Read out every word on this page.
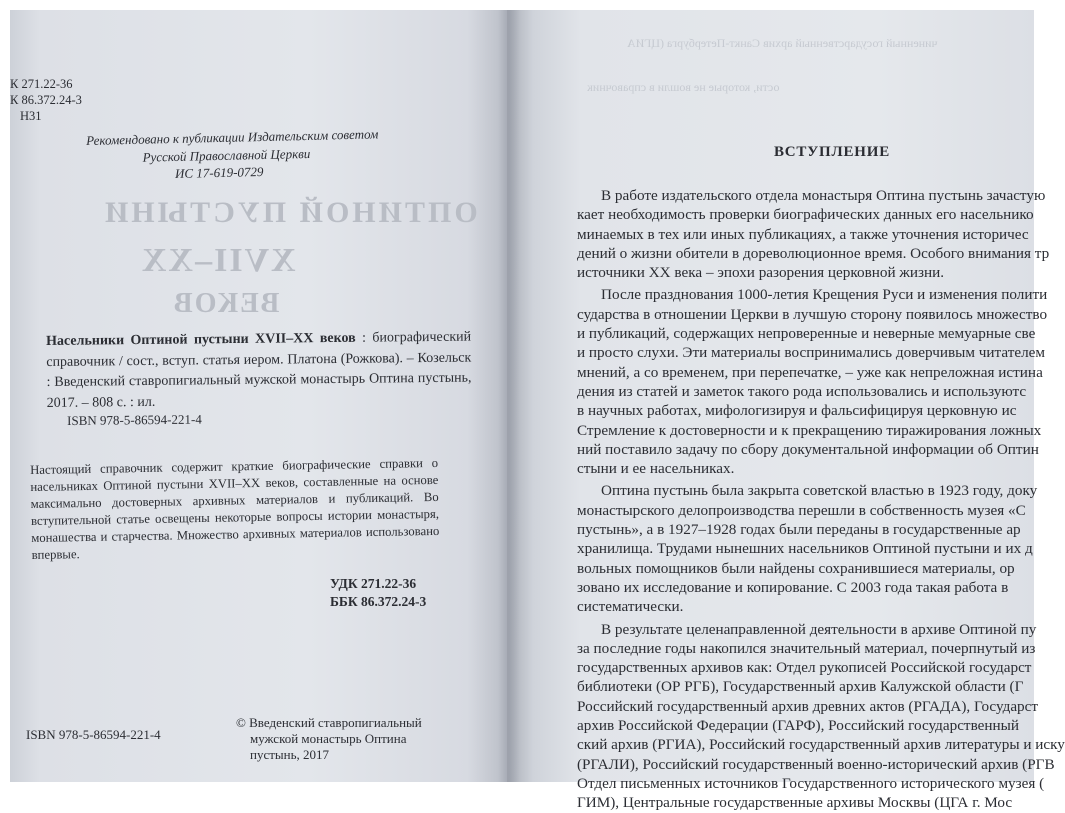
ОПТИНОЙ ПУСТЫНИ
XVII–XX
ВЕКОВ
К 271.22-36
К 86.372.24-3
Н31
Рекомендовано к публикации Издательским советом
Русской Православной Церкви
ИС 17-619-0729
Насельники Оптиной пустыни XVII–XX веков : биографический справочник / сост., вступ. статья иером. Платона (Рожкова). – Козельск : Введенский ставропигиальный мужской монастырь Оптина пустынь, 2017. – 808 с. : ил.
ISBN 978-5-86594-221-4
Настоящий справочник содержит краткие биографические справки о насельниках Оптиной пустыни XVII–XX веков, составленные на основе максимально достоверных архивных материалов и публикаций. Во вступительной статье освещены некоторые вопросы истории монастыря, монашества и старчества. Множество архивных материалов использовано впервые.
УДК 271.22-36
ББК 86.372.24-3
ISBN 978-5-86594-221-4
© Введенский ставропигиальный
мужской монастырь Оптина
пустынь, 2017
чиненный государственный архив Санкт-Петербурга (ЦГИА
ости, которые не вошли в справочник
ВСТУПЛЕНИЕ
В работе издательского отдела монастыря Оптина пустынь зачастую
кает необходимость проверки биографических данных его насельнико
минаемых в тех или иных публикациях, а также уточнения историчес
дений о жизни обители в дореволюционное время. Особого внимания тр
источники XX века – эпохи разорения церковной жизни.
После празднования 1000-летия Крещения Руси и изменения полити
сударства в отношении Церкви в лучшую сторону появилось множество
и публикаций, содержащих непроверенные и неверные мемуарные све
и просто слухи. Эти материалы воспринимались доверчивым читателем
мнений, а со временем, при перепечатке, – уже как непреложная истина
дения из статей и заметок такого рода использовались и используютс
в научных работах, мифологизируя и фальсифицируя церковную ис
Стремление к достоверности и к прекращению тиражирования ложных
ний поставило задачу по сбору документальной информации об Оптин
стыни и ее насельниках.
Оптина пустынь была закрыта советской властью в 1923 году, доку
монастырского делопроизводства перешли в собственность музея «С
пустынь», а в 1927–1928 годах были переданы в государственные ар
хранилища. Трудами нынешних насельников Оптиной пустыни и их д
вольных помощников были найдены сохранившиеся материалы, ор
зовано их исследование и копирование. С 2003 года такая работа в
систематически.
В результате целенаправленной деятельности в архиве Оптиной пу
за последние годы накопился значительный материал, почерпнутый из
государственных архивов как: Отдел рукописей Российской государст
библиотеки (ОР РГБ), Государственный архив Калужской области (Г
Российский государственный архив древних актов (РГАДА), Государст
архив Российской Федерации (ГАРФ), Российский государственный
ский архив (РГИА), Российский государственный архив литературы и иску
(РГАЛИ), Российский государственный военно-исторический архив (РГВ
Отдел письменных источников Государственного исторического музея (
ГИМ), Центральные государственные архивы Москвы (ЦГА г. Мос
